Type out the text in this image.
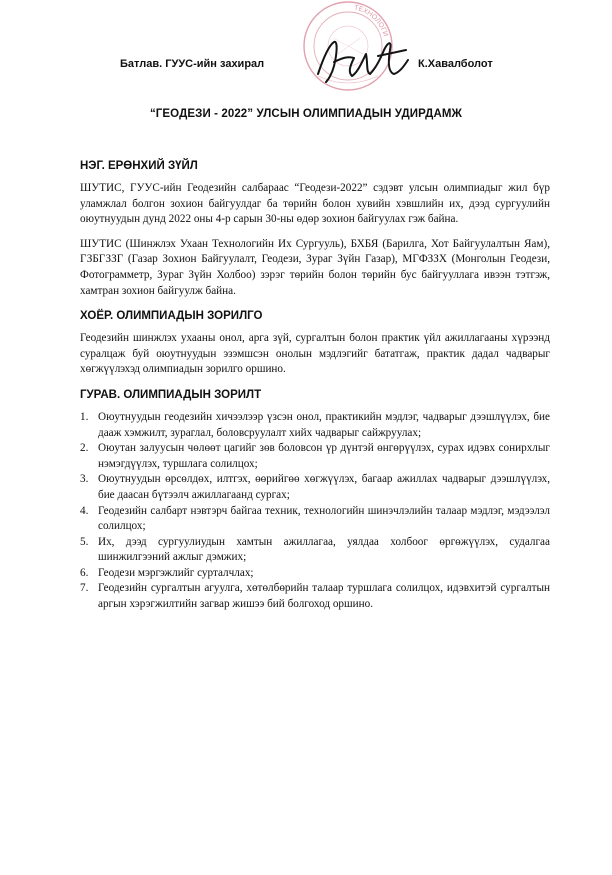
Батлав. ГУУС-ийн захирал	К.Хавалболот
ТЕХНОЛОГИ
“ГЕОДЕЗИ - 2022” УЛСЫН ОЛИМПИАДЫН УДИРДАМЖ
НЭГ. ЕРӨНХИЙ ЗҮЙЛ

ШУТИС, ГУУС-ийн Геодезийн салбараас “Геодези-2022” сэдэвт улсын олимпиадыг жил бүр уламжлал болгон зохион байгуулдаг ба төрийн болон хувийн хэвшлийн их, дээд сургуулийн оюутнуудын дунд 2022 оны 4-р сарын 30-ны өдөр зохион байгуулах гэж байна.

ШУТИС (Шинжлэх Ухаан Технологийн Их Сургууль), БХБЯ (Барилга, Хот Байгуулалтын Яам), ГЗБГЗЗГ (Газар Зохион Байгуулалт, Геодези, Зураг Зүйн Газар), МГФЗЗХ (Монголын Геодези, Фотограмметр, Зураг Зүйн Холбоо) зэрэг төрийн болон төрийн бус байгууллага ивээн тэтгэж, хамтран зохион байгуулж байна.

ХОЁР. ОЛИМПИАДЫН ЗОРИЛГО

Геодезийн шинжлэх ухааны онол, арга зүй, сургалтын болон практик үйл ажиллагааны хүрээнд суралцаж буй оюутнуудын эзэмшсэн онолын мэдлэгийг бататгаж, практик дадал чадварыг хөгжүүлэхэд олимпиадын зорилго оршино.

ГУРАВ. ОЛИМПИАДЫН ЗОРИЛТ
1. Оюутнуудын геодезийн хичээлээр үзсэн онол, практикийн мэдлэг, чадварыг дээшлүүлэх, бие дааж хэмжилт, зураглал, боловсруулалт хийх чадварыг сайжруулах;
2. Оюутан залуусын чөлөөт цагийг зөв боловсон үр дүнтэй өнгөрүүлэх, сурах идэвх сонирхлыг нэмэгдүүлэх, туршлага солилцох;
3. Оюутнуудын өрсөлдөх, илтгэх, өөрийгөө хөгжүүлэх, багаар ажиллах чадварыг дээшлүүлэх, бие даасан бүтээлч ажиллагаанд сургах;
4. Геодезийн салбарт нэвтэрч байгаа техник, технологийн шинэчлэлийн талаар мэдлэг, мэдээлэл солилцох;
5. Их, дээд сургуулиудын хамтын ажиллагаа, уялдаа холбоог өргөжүүлэх, судалгаа шинжилгээний ажлыг дэмжих;
6. Геодези мэргэжлийг сурталчлах;
7. Геодезийн сургалтын агуулга, хөтөлбөрийн талаар туршлага солилцох, идэвхитэй сургалтын аргын хэрэгжилтийн загвар жишээ бий болгоход оршино.
